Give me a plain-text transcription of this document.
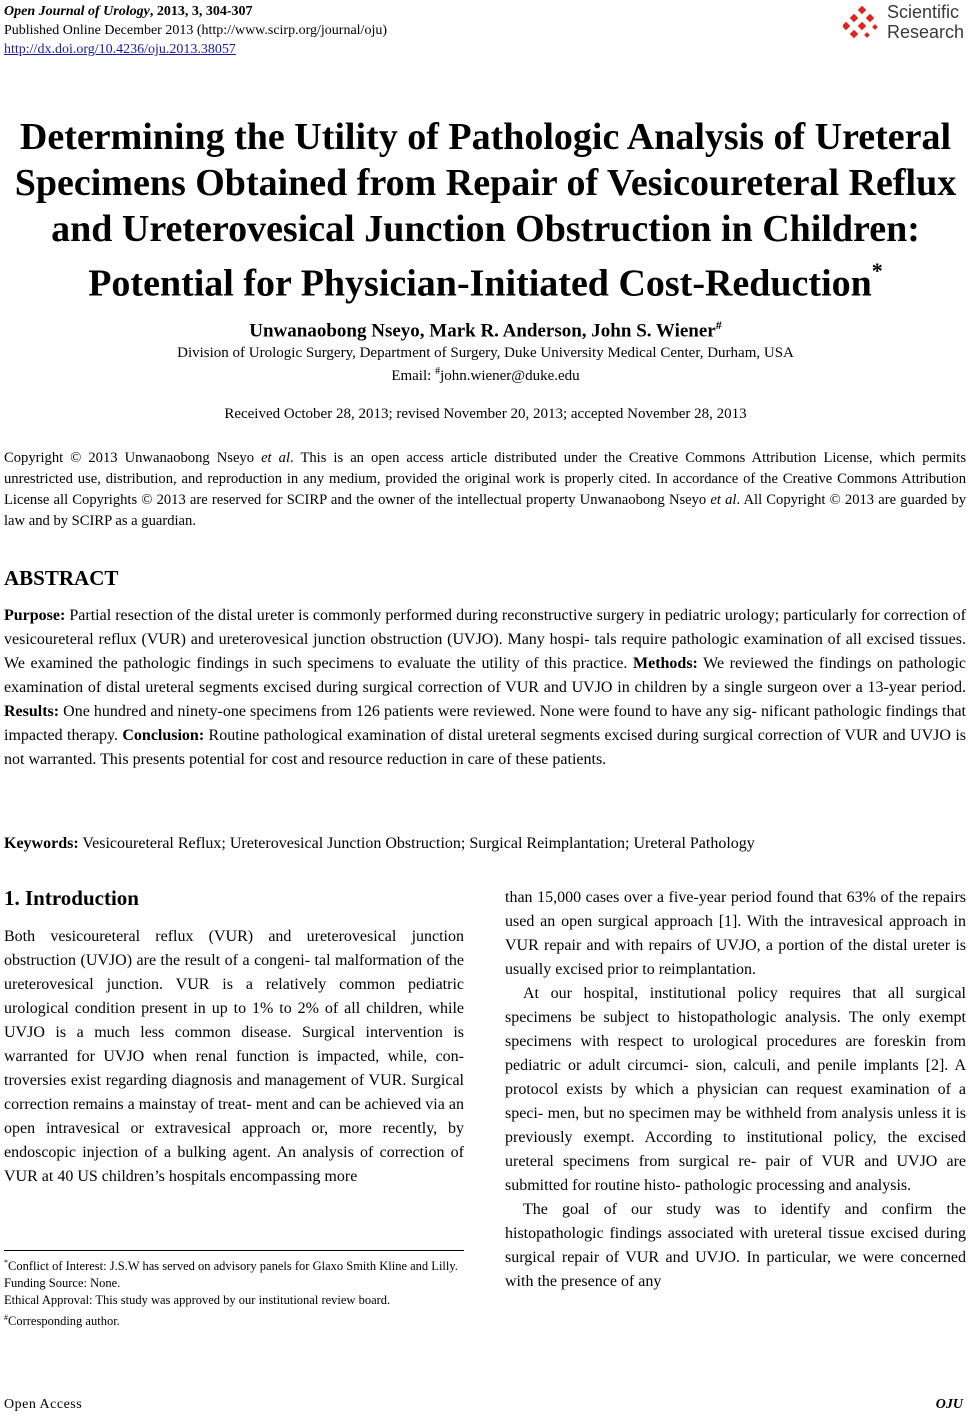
Open Journal of Urology, 2013, 3, 304-307
Published Online December 2013 (http://www.scirp.org/journal/oju)
http://dx.doi.org/10.4236/oju.2013.38057
Scientific
Research
Determining the Utility of Pathologic Analysis of Ureteral
Specimens Obtained from Repair of Vesicoureteral Reflux
and Ureterovesical Junction Obstruction in Children:
Potential for Physician-Initiated Cost-Reduction*
Unwanaobong Nseyo, Mark R. Anderson, John S. Wiener#
Division of Urologic Surgery, Department of Surgery, Duke University Medical Center, Durham, USA
Email: #john.wiener@duke.edu
Received October 28, 2013; revised November 20, 2013; accepted November 28, 2013
Copyright © 2013 Unwanaobong Nseyo et al. This is an open access article distributed under the Creative Commons Attribution License, which permits unrestricted use, distribution, and reproduction in any medium, provided the original work is properly cited. In accordance of the Creative Commons Attribution License all Copyrights © 2013 are reserved for SCIRP and the owner of the intellectual property Unwanaobong Nseyo et al. All Copyright © 2013 are guarded by law and by SCIRP as a guardian.
ABSTRACT
Purpose: Partial resection of the distal ureter is commonly performed during reconstructive surgery in pediatric urology; particularly for correction of vesicoureteral reflux (VUR) and ureterovesical junction obstruction (UVJO). Many hospi- tals require pathologic examination of all excised tissues. We examined the pathologic findings in such specimens to evaluate the utility of this practice. Methods: We reviewed the findings on pathologic examination of distal ureteral segments excised during surgical correction of VUR and UVJO in children by a single surgeon over a 13-year period. Results: One hundred and ninety-one specimens from 126 patients were reviewed. None were found to have any sig- nificant pathologic findings that impacted therapy. Conclusion: Routine pathological examination of distal ureteral segments excised during surgical correction of VUR and UVJO is not warranted. This presents potential for cost and resource reduction in care of these patients.
Keywords: Vesicoureteral Reflux; Ureterovesical Junction Obstruction; Surgical Reimplantation; Ureteral Pathology
1. Introduction
Both vesicoureteral reflux (VUR) and ureterovesical junction obstruction (UVJO) are the result of a congeni- tal malformation of the ureterovesical junction. VUR is a relatively common pediatric urological condition present in up to 1% to 2% of all children, while UVJO is a much less common disease. Surgical intervention is warranted for UVJO when renal function is impacted, while, con- troversies exist regarding diagnosis and management of VUR. Surgical correction remains a mainstay of treat- ment and can be achieved via an open intravesical or extravesical approach or, more recently, by endoscopic injection of a bulking agent. An analysis of correction of VUR at 40 US children’s hospitals encompassing more

than 15,000 cases over a five-year period found that 63% of the repairs used an open surgical approach [1]. With the intravesical approach in VUR repair and with repairs of UVJO, a portion of the distal ureter is usually excised prior to reimplantation.

At our hospital, institutional policy requires that all surgical specimens be subject to histopathologic analysis. The only exempt specimens with respect to urological procedures are foreskin from pediatric or adult circumci- sion, calculi, and penile implants [2]. A protocol exists by which a physician can request examination of a speci- men, but no specimen may be withheld from analysis unless it is previously exempt. According to institutional policy, the excised ureteral specimens from surgical re- pair of VUR and UVJO are submitted for routine histo- pathologic processing and analysis.

The goal of our study was to identify and confirm the histopathologic findings associated with ureteral tissue excised during surgical repair of VUR and UVJO. In particular, we were concerned with the presence of any

*Conflict of Interest: J.S.W has served on advisory panels for Glaxo Smith Kline and Lilly.
Funding Source: None.
Ethical Approval: This study was approved by our institutional review board.
#Corresponding author.
Open Access	OJU
